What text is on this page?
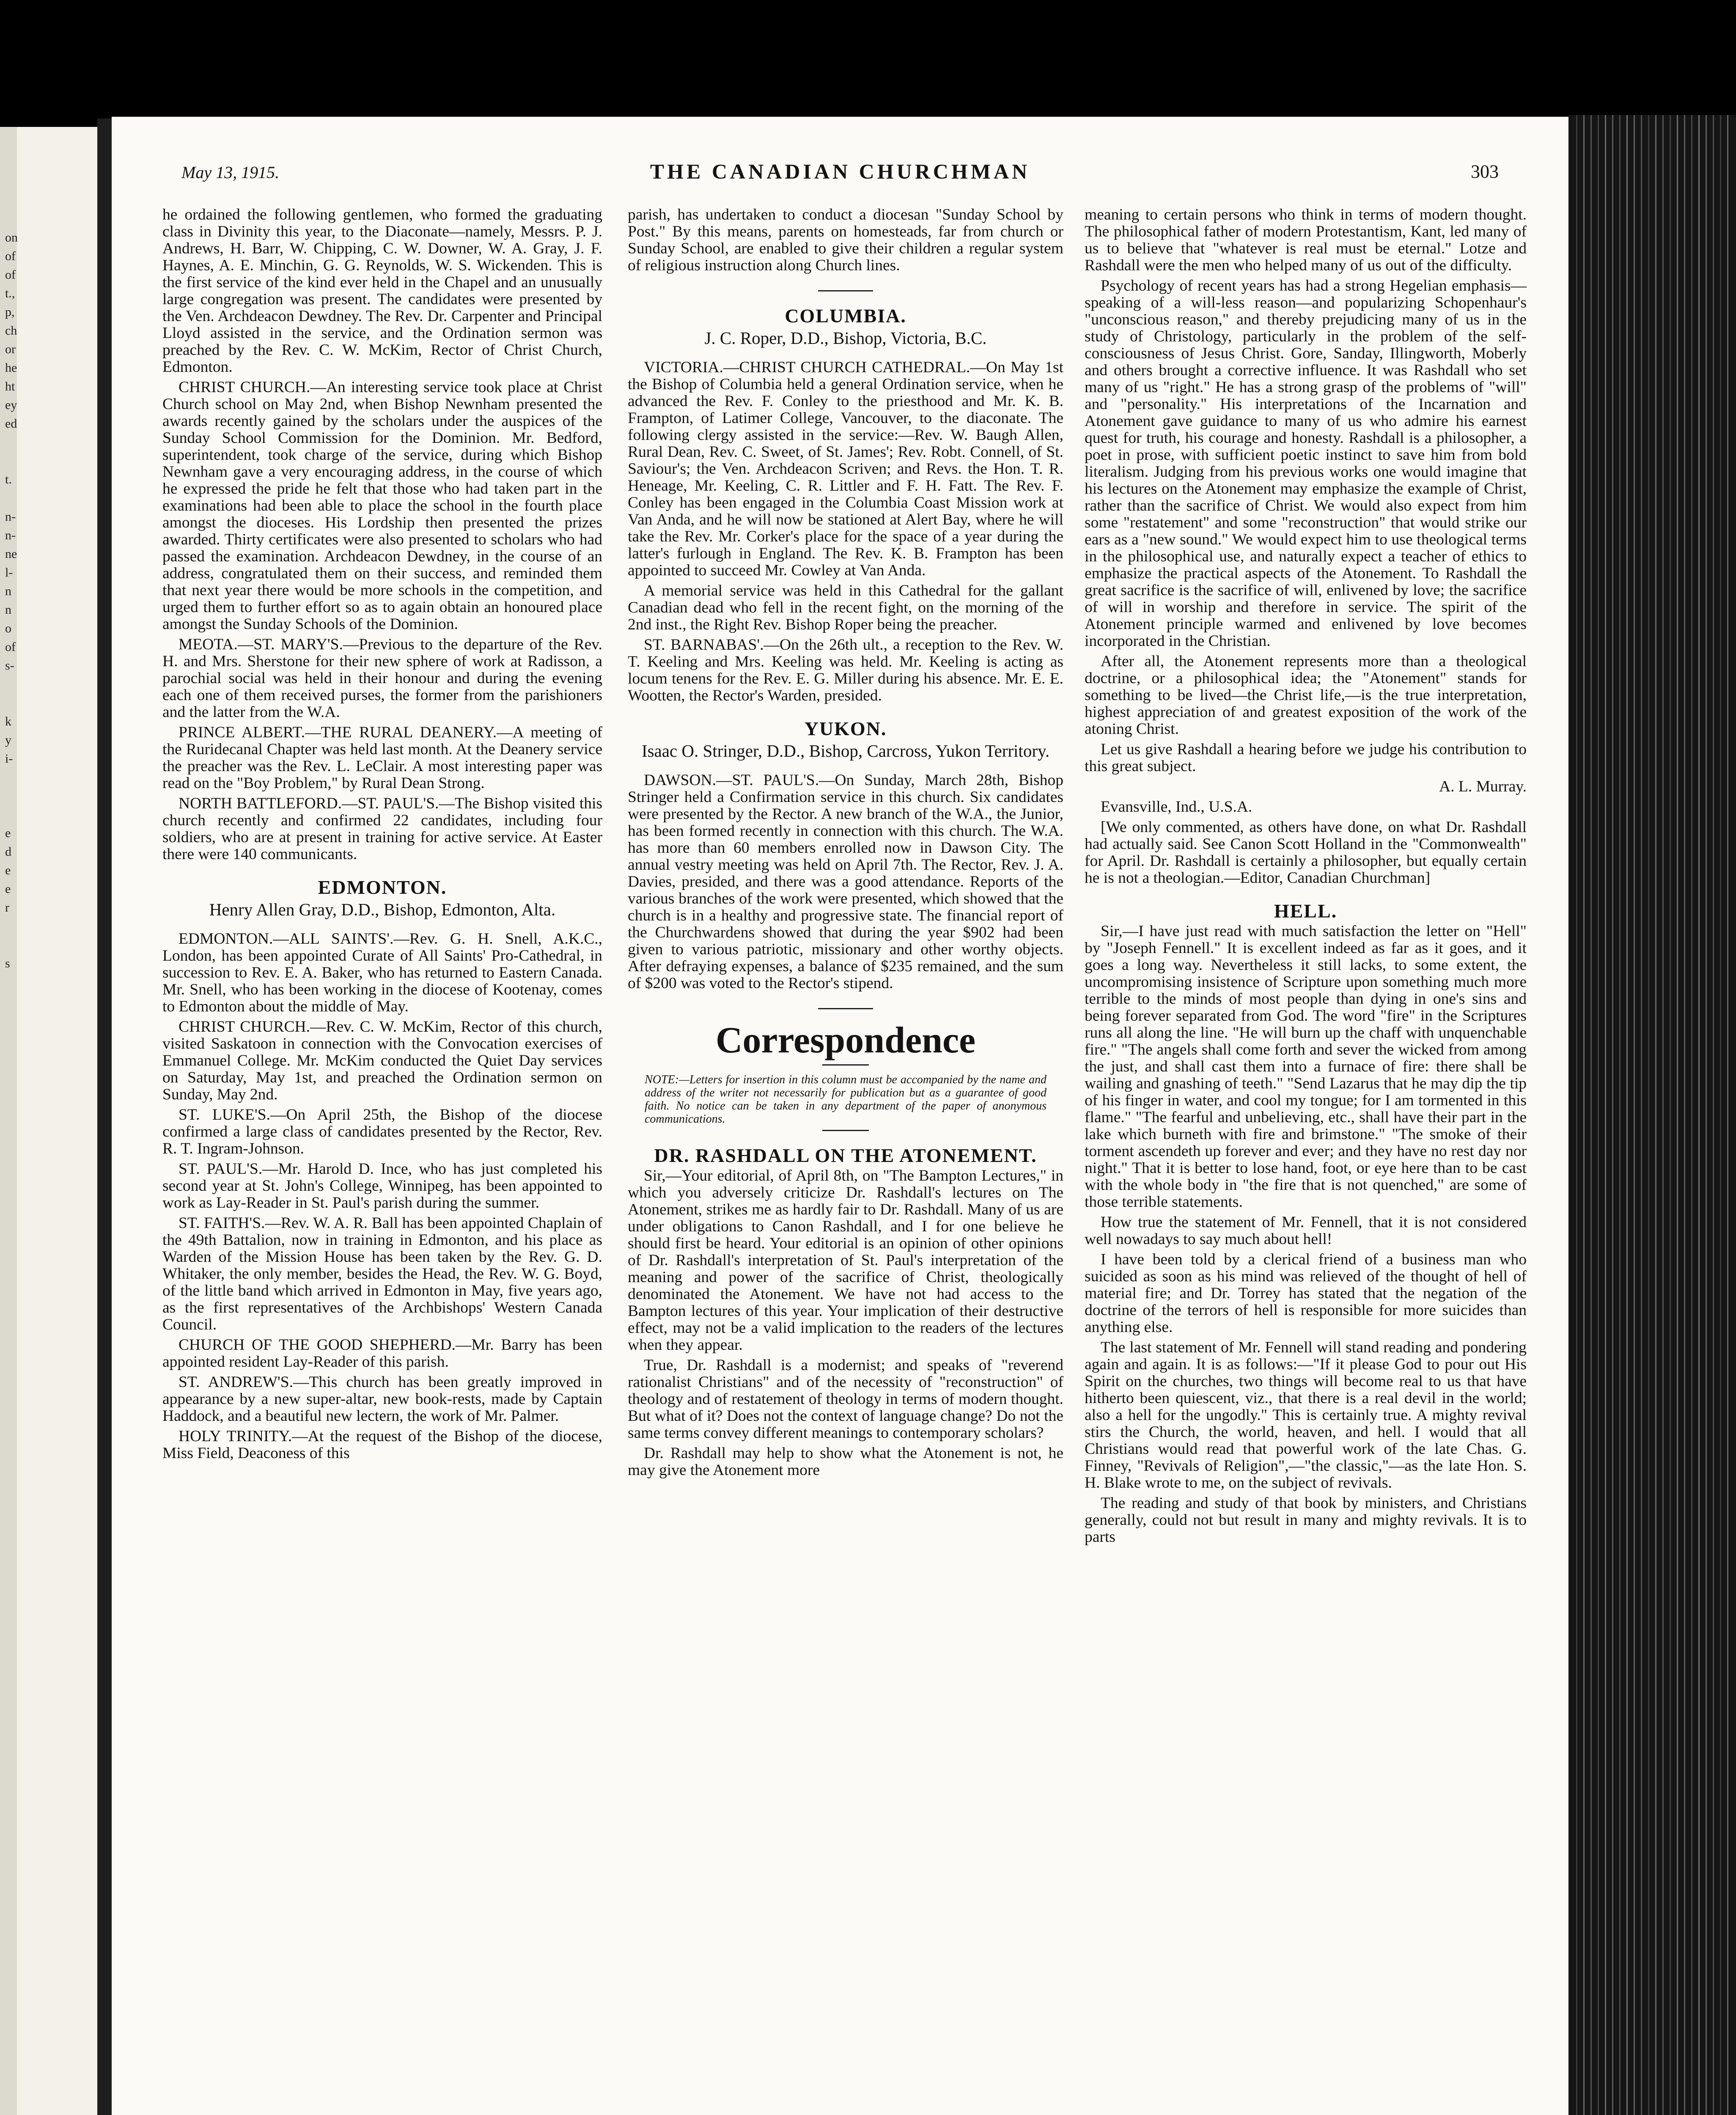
on
of
of
t.,
p,
ch
or
he
ht
ey
ed
t.
n-
n-
ne
l-
n
n
o
of
s-
k
y
i-
e
d
e
e
r
s
May 13, 1915.	THE CANADIAN CHURCHMAN	303

he ordained the following gentlemen, who formed the graduating class in Divinity this year, to the Diaconate—namely, Messrs. P. J. Andrews, H. Barr, W. Chipping, C. W. Downer, W. A. Gray, J. F. Haynes, A. E. Minchin, G. G. Reynolds, W. S. Wickenden. This is the first service of the kind ever held in the Chapel and an unusually large congregation was present. The candidates were presented by the Ven. Archdeacon Dewdney. The Rev. Dr. Carpenter and Principal Lloyd assisted in the service, and the Ordination sermon was preached by the Rev. C. W. McKim, Rector of Christ Church, Edmonton.

CHRIST CHURCH.—An interesting service took place at Christ Church school on May 2nd, when Bishop Newnham presented the awards recently gained by the scholars under the auspices of the Sunday School Commission for the Dominion. Mr. Bedford, superintendent, took charge of the service, during which Bishop Newnham gave a very encouraging address, in the course of which he expressed the pride he felt that those who had taken part in the examinations had been able to place the school in the fourth place amongst the dioceses. His Lordship then presented the prizes awarded. Thirty certificates were also presented to scholars who had passed the examination. Archdeacon Dewdney, in the course of an address, congratulated them on their success, and reminded them that next year there would be more schools in the competition, and urged them to further effort so as to again obtain an honoured place amongst the Sunday Schools of the Dominion.

MEOTA.—ST. MARY'S.—Previous to the departure of the Rev. H. and Mrs. Sherstone for their new sphere of work at Radisson, a parochial social was held in their honour and during the evening each one of them received purses, the former from the parishioners and the latter from the W.A.

PRINCE ALBERT.—THE RURAL DEANERY.—A meeting of the Ruridecanal Chapter was held last month. At the Deanery service the preacher was the Rev. L. LeClair. A most interesting paper was read on the "Boy Problem," by Rural Dean Strong.

NORTH BATTLEFORD.—ST. PAUL'S.—The Bishop visited this church recently and confirmed 22 candidates, including four soldiers, who are at present in training for active service. At Easter there were 140 communicants.

EDMONTON.
Henry Allen Gray, D.D., Bishop, Edmonton, Alta.

EDMONTON.—ALL SAINTS'.—Rev. G. H. Snell, A.K.C., London, has been appointed Curate of All Saints' Pro-Cathedral, in succession to Rev. E. A. Baker, who has returned to Eastern Canada. Mr. Snell, who has been working in the diocese of Kootenay, comes to Edmonton about the middle of May.

CHRIST CHURCH.—Rev. C. W. McKim, Rector of this church, visited Saskatoon in connection with the Convocation exercises of Emmanuel College. Mr. McKim conducted the Quiet Day services on Saturday, May 1st, and preached the Ordination sermon on Sunday, May 2nd.

ST. LUKE'S.—On April 25th, the Bishop of the diocese confirmed a large class of candidates presented by the Rector, Rev. R. T. Ingram-Johnson.

ST. PAUL'S.—Mr. Harold D. Ince, who has just completed his second year at St. John's College, Winnipeg, has been appointed to work as Lay-Reader in St. Paul's parish during the summer.

ST. FAITH'S.—Rev. W. A. R. Ball has been appointed Chaplain of the 49th Battalion, now in training in Edmonton, and his place as Warden of the Mission House has been taken by the Rev. G. D. Whitaker, the only member, besides the Head, the Rev. W. G. Boyd, of the little band which arrived in Edmonton in May, five years ago, as the first representatives of the Archbishops' Western Canada Council.

CHURCH OF THE GOOD SHEPHERD.—Mr. Barry has been appointed resident Lay-Reader of this parish.

ST. ANDREW'S.—This church has been greatly improved in appearance by a new super-altar, new book-rests, made by Captain Haddock, and a beautiful new lectern, the work of Mr. Palmer.

HOLY TRINITY.—At the request of the Bishop of the diocese, Miss Field, Deaconess of this

parish, has undertaken to conduct a diocesan "Sunday School by Post." By this means, parents on homesteads, far from church or Sunday School, are enabled to give their children a regular system of religious instruction along Church lines.

COLUMBIA.
J. C. Roper, D.D., Bishop, Victoria, B.C.

VICTORIA.—CHRIST CHURCH CATHEDRAL.—On May 1st the Bishop of Columbia held a general Ordination service, when he advanced the Rev. F. Conley to the priesthood and Mr. K. B. Frampton, of Latimer College, Vancouver, to the diaconate. The following clergy assisted in the service:—Rev. W. Baugh Allen, Rural Dean, Rev. C. Sweet, of St. James'; Rev. Robt. Connell, of St. Saviour's; the Ven. Archdeacon Scriven; and Revs. the Hon. T. R. Heneage, Mr. Keeling, C. R. Littler and F. H. Fatt. The Rev. F. Conley has been engaged in the Columbia Coast Mission work at Van Anda, and he will now be stationed at Alert Bay, where he will take the Rev. Mr. Corker's place for the space of a year during the latter's furlough in England. The Rev. K. B. Frampton has been appointed to succeed Mr. Cowley at Van Anda.

A memorial service was held in this Cathedral for the gallant Canadian dead who fell in the recent fight, on the morning of the 2nd inst., the Right Rev. Bishop Roper being the preacher.

ST. BARNABAS'.—On the 26th ult., a reception to the Rev. W. T. Keeling and Mrs. Keeling was held. Mr. Keeling is acting as locum tenens for the Rev. E. G. Miller during his absence. Mr. E. E. Wootten, the Rector's Warden, presided.

YUKON.
Isaac O. Stringer, D.D., Bishop, Carcross, Yukon Territory.

DAWSON.—ST. PAUL'S.—On Sunday, March 28th, Bishop Stringer held a Confirmation service in this church. Six candidates were presented by the Rector. A new branch of the W.A., the Junior, has been formed recently in connection with this church. The W.A. has more than 60 members enrolled now in Dawson City. The annual vestry meeting was held on April 7th. The Rector, Rev. J. A. Davies, presided, and there was a good attendance. Reports of the various branches of the work were presented, which showed that the church is in a healthy and progressive state. The financial report of the Churchwardens showed that during the year $902 had been given to various patriotic, missionary and other worthy objects. After defraying expenses, a balance of $235 remained, and the sum of $200 was voted to the Rector's stipend.

Correspondence
NOTE:—Letters for insertion in this column must be accompanied by the name and address of the writer not necessarily for publication but as a guarantee of good faith. No notice can be taken in any department of the paper of anonymous communications.
DR. RASHDALL ON THE ATONEMENT.

Sir,—Your editorial, of April 8th, on "The Bampton Lectures," in which you adversely criticize Dr. Rashdall's lectures on The Atonement, strikes me as hardly fair to Dr. Rashdall. Many of us are under obligations to Canon Rashdall, and I for one believe he should first be heard. Your editorial is an opinion of other opinions of Dr. Rashdall's interpretation of St. Paul's interpretation of the meaning and power of the sacrifice of Christ, theologically denominated the Atonement. We have not had access to the Bampton lectures of this year. Your implication of their destructive effect, may not be a valid implication to the readers of the lectures when they appear.

True, Dr. Rashdall is a modernist; and speaks of "reverend rationalist Christians" and of the necessity of "reconstruction" of theology and of restatement of theology in terms of modern thought. But what of it? Does not the context of language change? Do not the same terms convey different meanings to contemporary scholars?

Dr. Rashdall may help to show what the Atonement is not, he may give the Atonement more

meaning to certain persons who think in terms of modern thought. The philosophical father of modern Protestantism, Kant, led many of us to believe that "whatever is real must be eternal." Lotze and Rashdall were the men who helped many of us out of the difficulty.

Psychology of recent years has had a strong Hegelian emphasis—speaking of a will-less reason—and popularizing Schopenhaur's "unconscious reason," and thereby prejudicing many of us in the study of Christology, particularly in the problem of the self-consciousness of Jesus Christ. Gore, Sanday, Illingworth, Moberly and others brought a corrective influence. It was Rashdall who set many of us "right." He has a strong grasp of the problems of "will" and "personality." His interpretations of the Incarnation and Atonement gave guidance to many of us who admire his earnest quest for truth, his courage and honesty. Rashdall is a philosopher, a poet in prose, with sufficient poetic instinct to save him from bold literalism. Judging from his previous works one would imagine that his lectures on the Atonement may emphasize the example of Christ, rather than the sacrifice of Christ. We would also expect from him some "restatement" and some "reconstruction" that would strike our ears as a "new sound." We would expect him to use theological terms in the philosophical use, and naturally expect a teacher of ethics to emphasize the practical aspects of the Atonement. To Rashdall the great sacrifice is the sacrifice of will, enlivened by love; the sacrifice of will in worship and therefore in service. The spirit of the Atonement principle warmed and enlivened by love becomes incorporated in the Christian.

After all, the Atonement represents more than a theological doctrine, or a philosophical idea; the "Atonement" stands for something to be lived—the Christ life,—is the true interpretation, highest appreciation of and greatest exposition of the work of the atoning Christ.

Let us give Rashdall a hearing before we judge his contribution to this great subject.

A. L. Murray.

Evansville, Ind., U.S.A.

[We only commented, as others have done, on what Dr. Rashdall had actually said. See Canon Scott Holland in the "Commonwealth" for April. Dr. Rashdall is certainly a philosopher, but equally certain he is not a theologian.—Editor, Canadian Churchman]

HELL.

Sir,—I have just read with much satisfaction the letter on "Hell" by "Joseph Fennell." It is excellent indeed as far as it goes, and it goes a long way. Nevertheless it still lacks, to some extent, the uncompromising insistence of Scripture upon something much more terrible to the minds of most people than dying in one's sins and being forever separated from God. The word "fire" in the Scriptures runs all along the line. "He will burn up the chaff with unquenchable fire." "The angels shall come forth and sever the wicked from among the just, and shall cast them into a furnace of fire: there shall be wailing and gnashing of teeth." "Send Lazarus that he may dip the tip of his finger in water, and cool my tongue; for I am tormented in this flame." "The fearful and unbelieving, etc., shall have their part in the lake which burneth with fire and brimstone." "The smoke of their torment ascendeth up forever and ever; and they have no rest day nor night." That it is better to lose hand, foot, or eye here than to be cast with the whole body in "the fire that is not quenched," are some of those terrible statements.

How true the statement of Mr. Fennell, that it is not considered well nowadays to say much about hell!

I have been told by a clerical friend of a business man who suicided as soon as his mind was relieved of the thought of hell of material fire; and Dr. Torrey has stated that the negation of the doctrine of the terrors of hell is responsible for more suicides than anything else.

The last statement of Mr. Fennell will stand reading and pondering again and again. It is as follows:—"If it please God to pour out His Spirit on the churches, two things will become real to us that have hitherto been quiescent, viz., that there is a real devil in the world; also a hell for the ungodly." This is certainly true. A mighty revival stirs the Church, the world, heaven, and hell. I would that all Christians would read that powerful work of the late Chas. G. Finney, "Revivals of Religion",—"the classic,"—as the late Hon. S. H. Blake wrote to me, on the subject of revivals.

The reading and study of that book by ministers, and Christians generally, could not but result in many and mighty revivals. It is to parts
